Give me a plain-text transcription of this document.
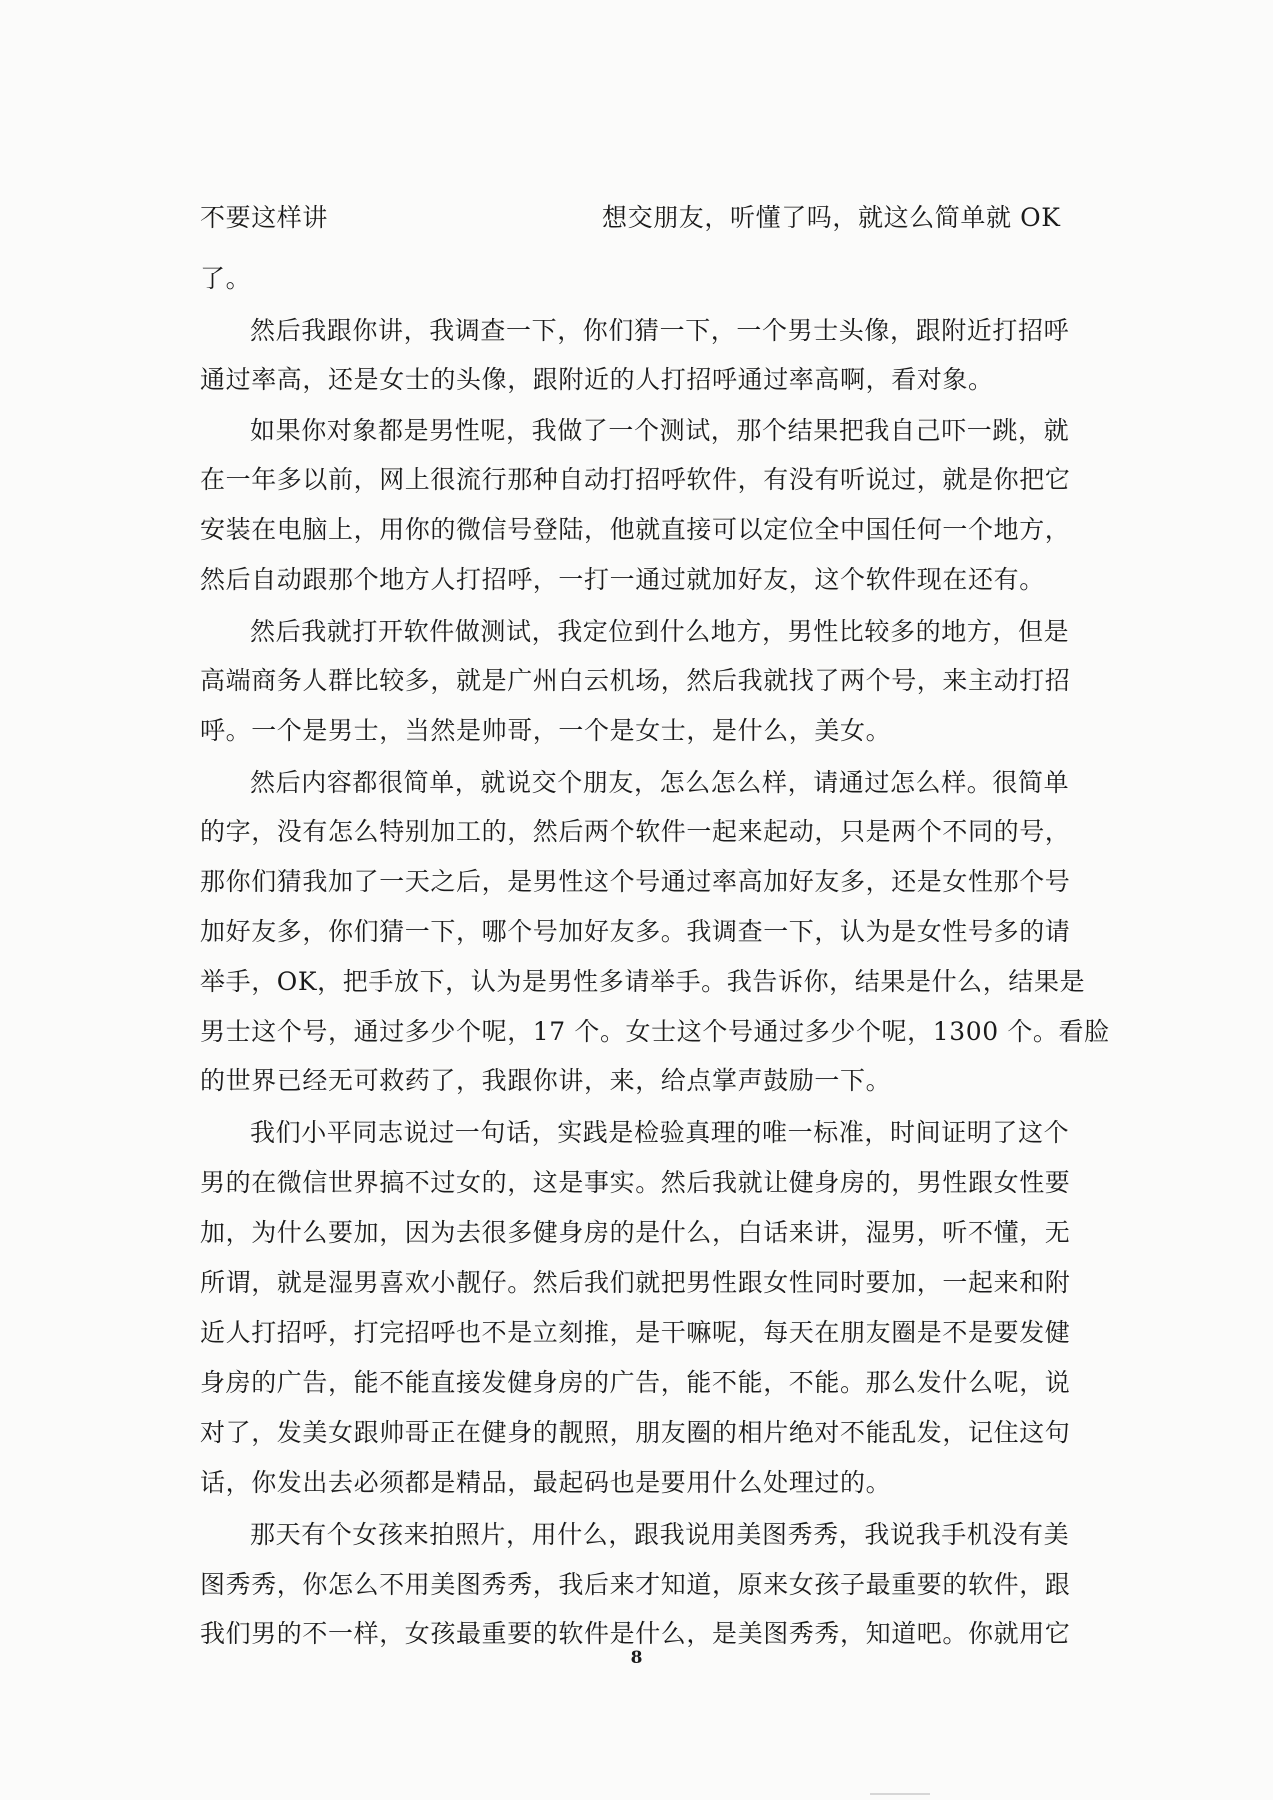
不要这样讲	想交朋友，听懂了吗，就这么简单就 OK
了。
然后我跟你讲，我调查一下，你们猜一下，一个男士头像，跟附近打招呼
通过率高，还是女士的头像，跟附近的人打招呼通过率高啊，看对象。
如果你对象都是男性呢，我做了一个测试，那个结果把我自己吓一跳，就
在一年多以前，网上很流行那种自动打招呼软件，有没有听说过，就是你把它
安装在电脑上，用你的微信号登陆，他就直接可以定位全中国任何一个地方，
然后自动跟那个地方人打招呼，一打一通过就加好友，这个软件现在还有。
然后我就打开软件做测试，我定位到什么地方，男性比较多的地方，但是
高端商务人群比较多，就是广州白云机场，然后我就找了两个号，来主动打招
呼。一个是男士，当然是帅哥，一个是女士，是什么，美女。
然后内容都很简单，就说交个朋友，怎么怎么样，请通过怎么样。很简单
的字，没有怎么特别加工的，然后两个软件一起来起动，只是两个不同的号，
那你们猜我加了一天之后，是男性这个号通过率高加好友多，还是女性那个号
加好友多，你们猜一下，哪个号加好友多。我调查一下，认为是女性号多的请
举手，OK，把手放下，认为是男性多请举手。我告诉你，结果是什么，结果是
男士这个号，通过多少个呢，17 个。女士这个号通过多少个呢，1300 个。看脸
的世界已经无可救药了，我跟你讲，来，给点掌声鼓励一下。
我们小平同志说过一句话，实践是检验真理的唯一标准，时间证明了这个
男的在微信世界搞不过女的，这是事实。然后我就让健身房的，男性跟女性要
加，为什么要加，因为去很多健身房的是什么，白话来讲，湿男，听不懂，无
所谓，就是湿男喜欢小靓仔。然后我们就把男性跟女性同时要加，一起来和附
近人打招呼，打完招呼也不是立刻推，是干嘛呢，每天在朋友圈是不是要发健
身房的广告，能不能直接发健身房的广告，能不能，不能。那么发什么呢，说
对了，发美女跟帅哥正在健身的靓照，朋友圈的相片绝对不能乱发，记住这句
话，你发出去必须都是精品，最起码也是要用什么处理过的。
那天有个女孩来拍照片，用什么，跟我说用美图秀秀，我说我手机没有美
图秀秀，你怎么不用美图秀秀，我后来才知道，原来女孩子最重要的软件，跟
我们男的不一样，女孩最重要的软件是什么，是美图秀秀，知道吧。你就用它
8
